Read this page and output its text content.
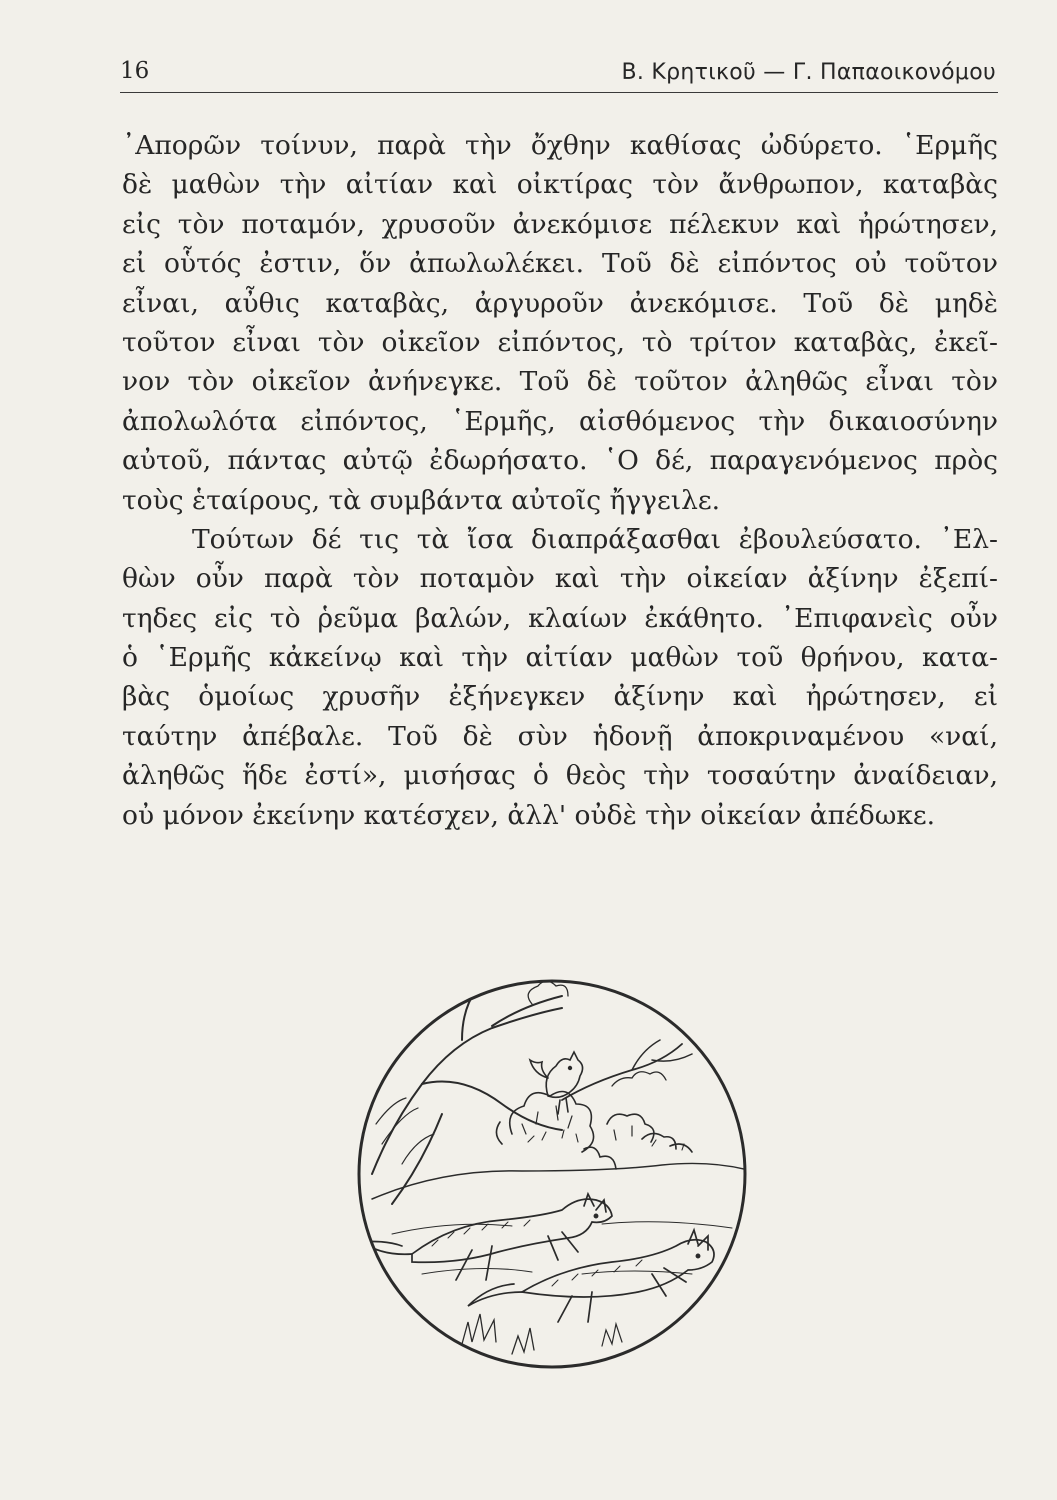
16	Β. Κρητικοῦ — Γ. Παπαοικονόμου
᾿Απορῶν τοίνυν, παρὰ τὴν ὄχθην καθίσας ὠδύρετο. ῾Ερμῆς
δὲ μαθὼν τὴν αἰτίαν καὶ οἰκτίρας τὸν ἄνθρωπον, καταβὰς
εἰς τὸν ποταμόν, χρυσοῦν ἀνεκόμισε πέλεκυν καὶ ἠρώτησεν,
εἰ οὗτός ἐστιν, ὅν ἀπωλωλέκει. Τοῦ δὲ εἰπόντος οὐ τοῦτον
εἶναι, αὖθις καταβὰς, ἀργυροῦν ἀνεκόμισε. Τοῦ δὲ μηδὲ
τοῦτον εἶναι τὸν οἰκεῖον εἰπόντος, τὸ τρίτον καταβὰς, ἐκεῖ-
νον τὸν οἰκεῖον ἀνήνεγκε. Τοῦ δὲ τοῦτον ἀληθῶς εἶναι τὸν
ἀπολωλότα εἰπόντος, ῾Ερμῆς, αἰσθόμενος τὴν δικαιοσύνην
αὐτοῦ, πάντας αὐτῷ ἐδωρήσατο. ῾Ο δέ, παραγενόμενος πρὸς
τοὺς ἑταίρους, τὰ συμβάντα αὐτοῖς ἤγγειλε.
Τούτων δέ τις τὰ ἴσα διαπράξασθαι ἐβουλεύσατο. ᾿Ελ-
θὼν οὖν παρὰ τὸν ποταμὸν καὶ τὴν οἰκείαν ἀξίνην ἐξεπί-
τηδες εἰς τὸ ῥεῦμα βαλών, κλαίων ἐκάθητο. ᾿Επιφανεὶς οὖν
ὁ ῾Ερμῆς κἀκείνῳ καὶ τὴν αἰτίαν μαθὼν τοῦ θρήνου, κατα-
βὰς ὁμοίως χρυσῆν ἐξήνεγκεν ἀξίνην καὶ ἠρώτησεν, εἰ
ταύτην ἀπέβαλε. Τοῦ δὲ σὺν ἡδονῇ ἀποκριναμένου «ναί,
ἀληθῶς ἥδε ἐστί», μισήσας ὁ θεὸς τὴν τοσαύτην ἀναίδειαν,
οὐ μόνον ἐκείνην κατέσχεν, ἀλλ' οὐδὲ τὴν οἰκείαν ἀπέδωκε.
